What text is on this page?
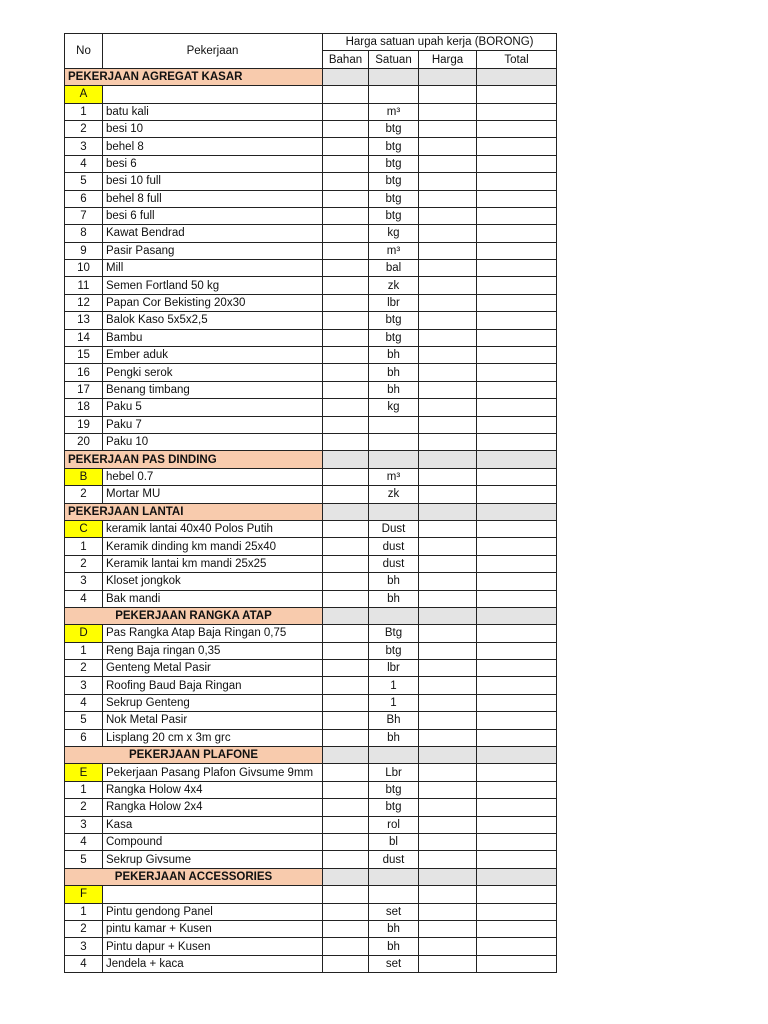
No	Pekerjaan	Harga satuan upah kerja (BORONG)			
		Bahan	Satuan	Harga	Total
PEKERJAAN AGREGAT KASAR					
A					
1	batu kali		m³		
2	besi 10		btg		
3	behel 8		btg		
4	besi 6		btg		
5	besi 10 full		btg		
6	behel 8 full		btg		
7	besi 6 full		btg		
8	Kawat Bendrad		kg		
9	Pasir Pasang		m³		
10	Mill		bal		
11	Semen Fortland 50 kg		zk		
12	Papan Cor Bekisting 20x30		lbr		
13	Balok Kaso 5x5x2,5		btg		
14	Bambu		btg		
15	Ember aduk		bh		
16	Pengki serok		bh		
17	Benang timbang		bh		
18	Paku 5		kg		
19	Paku 7				
20	Paku 10				
PEKERJAAN PAS DINDING					
B	hebel 0.7		m³		
2	Mortar MU		zk		
PEKERJAAN LANTAI					
C	keramik lantai 40x40 Polos Putih		Dust		
1	Keramik dinding km mandi 25x40		dust		
2	Keramik lantai km mandi 25x25		dust		
3	Kloset jongkok		bh		
4	Bak mandi		bh		
PEKERJAAN RANGKA ATAP					
D	Pas Rangka Atap Baja Ringan 0,75		Btg		
1	Reng Baja ringan 0,35		btg		
2	Genteng Metal Pasir		lbr		
3	Roofing Baud Baja Ringan		1		
4	Sekrup Genteng		1		
5	Nok Metal Pasir		Bh		
6	Lisplang 20 cm x 3m grc		bh		
PEKERJAAN PLAFONE					
E	Pekerjaan Pasang Plafon Givsume 9mm		Lbr		
1	Rangka Holow 4x4		btg		
2	Rangka Holow 2x4		btg		
3	Kasa		rol		
4	Compound		bl		
5	Sekrup Givsume		dust		
PEKERJAAN ACCESSORIES					
F					
1	Pintu gendong Panel		set		
2	pintu kamar + Kusen		bh		
3	Pintu dapur + Kusen		bh		
4	Jendela + kaca		set		
